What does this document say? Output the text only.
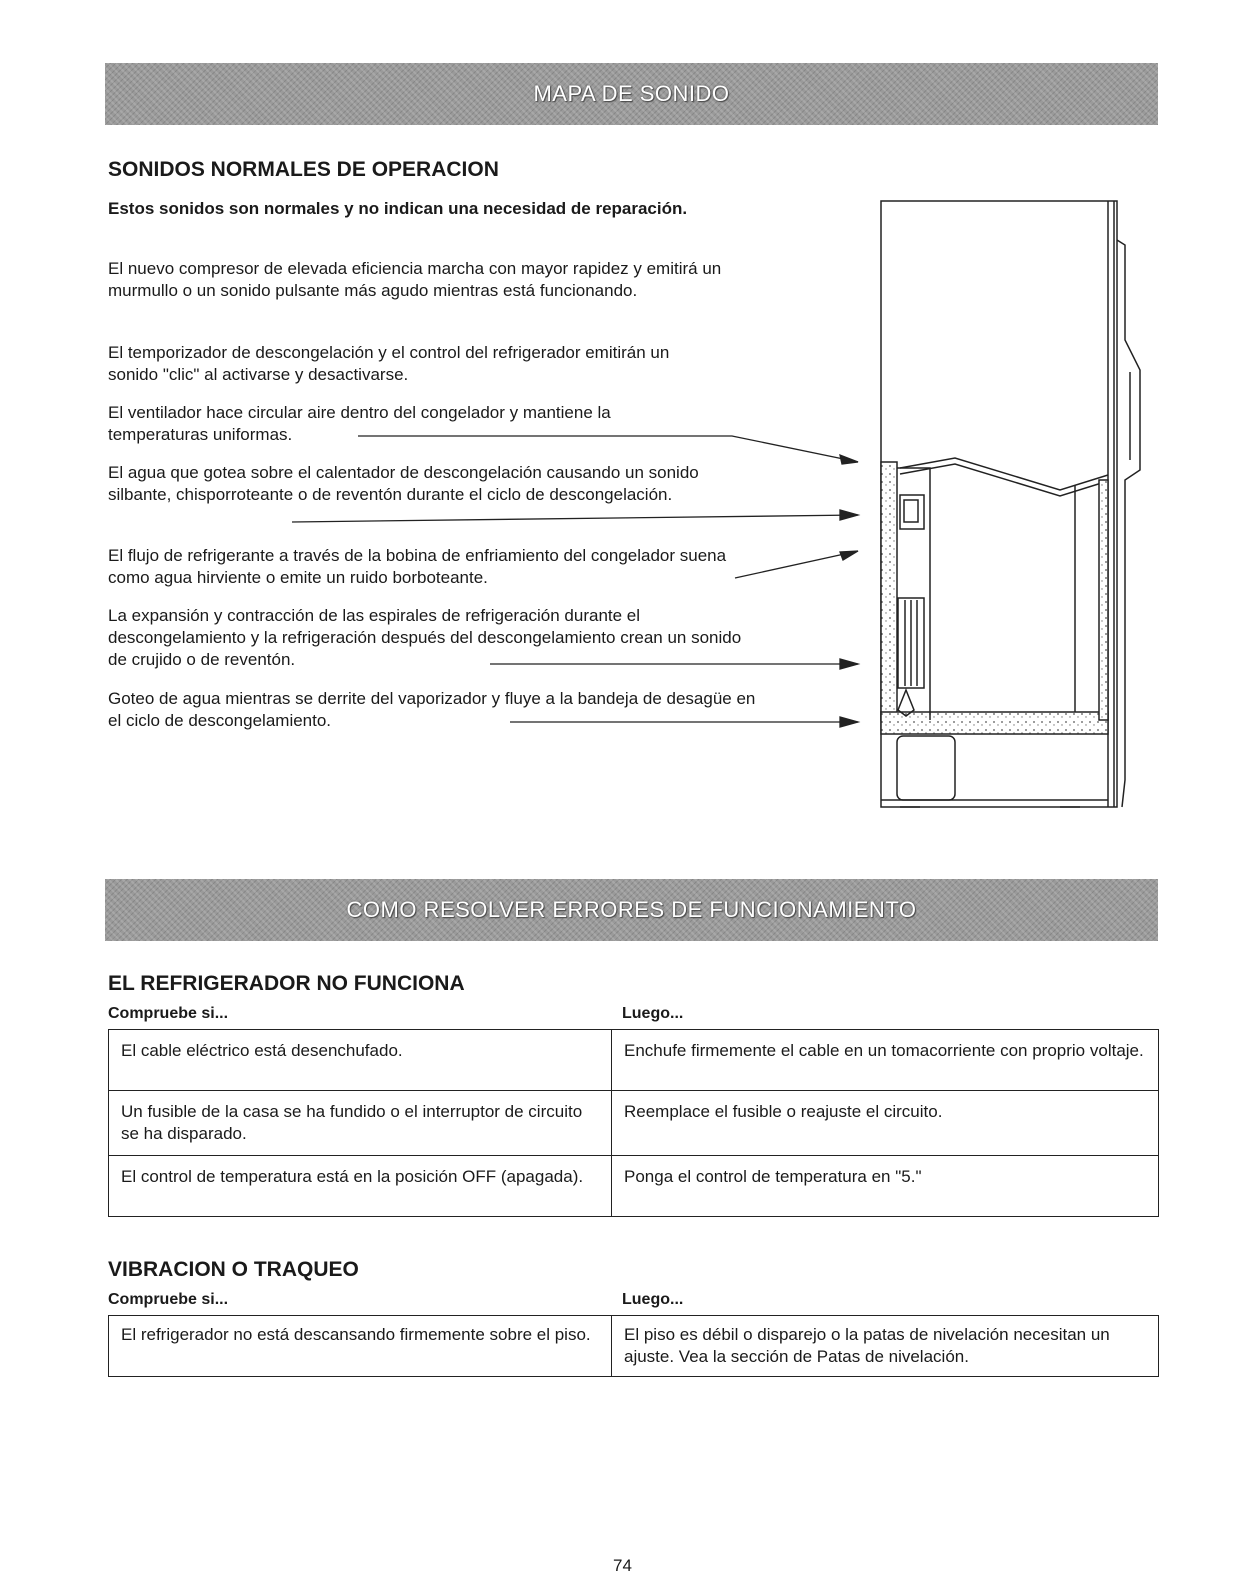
MAPA DE SONIDO
SONIDOS NORMALES DE OPERACION

Estos sonidos son normales y no indican una necesidad de reparación.

El nuevo compresor de elevada eficiencia marcha con mayor rapidez y emitirá un murmullo o un sonido pulsante más agudo mientras está funcionando.

El temporizador de descongelación y el control del refrigerador emitirán un sonido "clic" al activarse y desactivarse.

El ventilador hace circular aire dentro del congelador y mantiene la temperaturas uniformas.

El agua que gotea sobre el calentador de descongelación causando un sonido silbante, chisporroteante o de reventón durante el ciclo de descongelación.

El flujo de refrigerante a través de la bobina de enfriamiento del congelador suena como agua hirviente o emite un ruido borboteante.

La expansión y contracción de las espirales de refrigeración durante el descongelamiento y la refrigeración después del descongelamiento crean un sonido de crujido o de reventón.

Goteo de agua mientras se derrite del vaporizador y fluye a la bandeja de desagüe en el ciclo de descongelamiento.

COMO RESOLVER ERRORES DE FUNCIONAMIENTO
EL REFRIGERADOR NO FUNCIONA

Compruebe si...	Luego...

El cable eléctrico está desenchufado.	Enchufe firmemente el cable en un tomacorriente con proprio voltaje.
Un fusible de la casa se ha fundido o el interruptor de circuito se ha disparado.	Reemplace el fusible o reajuste el circuito.
El control de temperatura está en la posición OFF (apagada).	Ponga el control de temperatura en "5."
VIBRACION O TRAQUEO

Compruebe si...	Luego...

El refrigerador no está descansando firmemente sobre el piso.	El piso es débil o disparejo o la patas de nivelación necesitan un ajuste. Vea la sección de Patas de nivelación.
74
